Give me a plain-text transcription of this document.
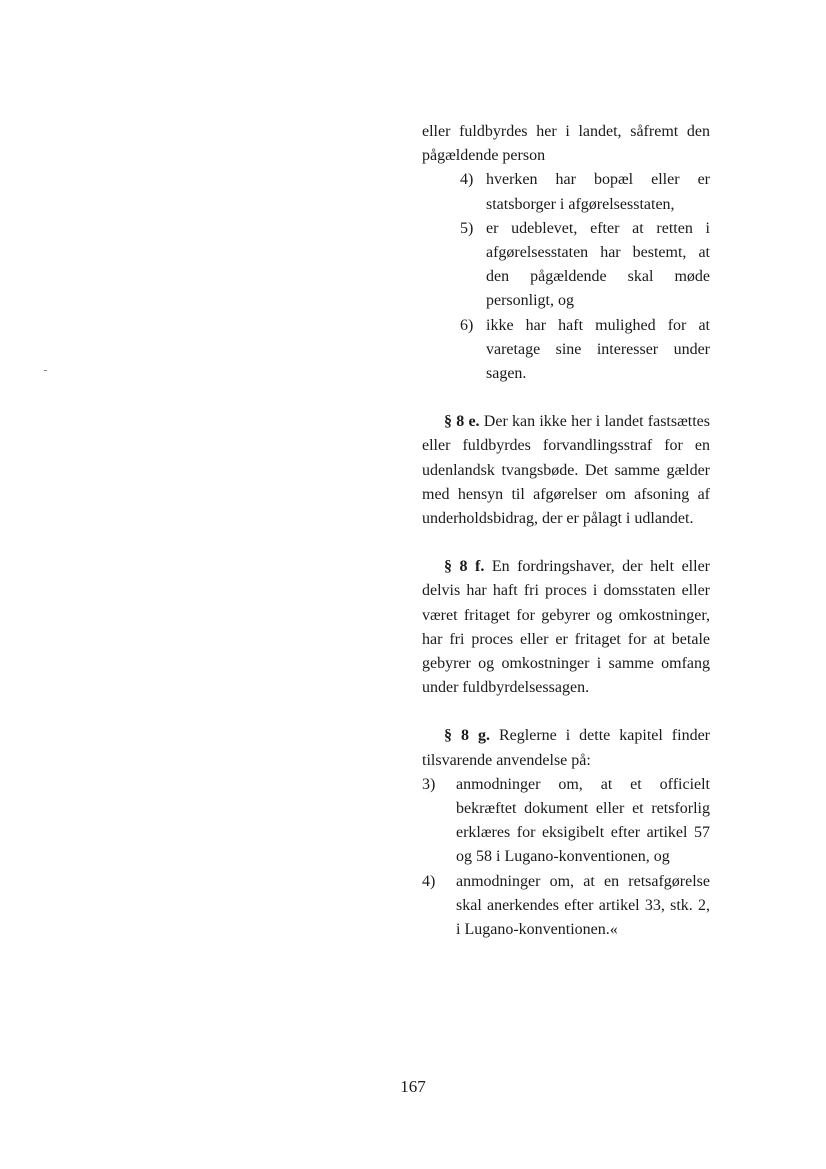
eller fuldbyrdes her i landet, såfremt den pågældende person

4) hverken har bopæl eller er statsborger i afgørelsesstaten,
5) er udeblevet, efter at retten i afgørelsesstaten har bestemt, at den pågældende skal møde personligt, og
6) ikke har haft mulighed for at varetage sine interesser under sagen.

§ 8 e. Der kan ikke her i landet fastsættes eller fuldbyrdes forvandlingsstraf for en udenlandsk tvangsbøde. Det samme gælder med hensyn til afgørelser om afsoning af underholdsbidrag, der er pålagt i udlandet.

§ 8 f. En fordringshaver, der helt eller delvis har haft fri proces i domsstaten eller været fritaget for gebyrer og omkostninger, har fri proces eller er fritaget for at betale gebyrer og omkostninger i samme omfang under fuldbyrdelsessagen.

§ 8 g. Reglerne i dette kapitel finder tilsvarende anvendelse på:

3) anmodninger om, at et officielt bekræftet dokument eller et retsforlig erklæres for eksigibelt efter artikel 57 og 58 i Lugano-konventionen, og
4) anmodninger om, at en retsafgørelse skal anerkendes efter artikel 33, stk. 2, i Lugano-konventionen.«
167
